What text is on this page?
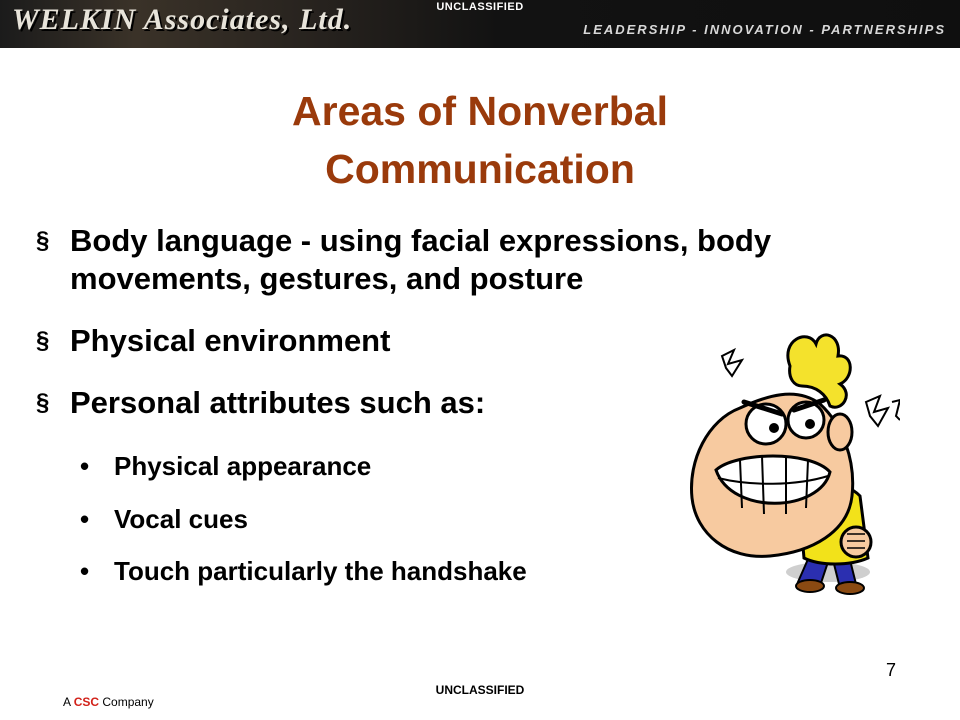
WELKIN Associates, Ltd.	UNCLASSIFIED
LEADERSHIP - INNOVATION - PARTNERSHIPS
Areas of Nonverbal
Communication
§ Body language - using facial expressions, body movements, gestures, and posture
§ Physical environment
§ Personal attributes such as:
• Physical appearance
• Vocal cues
• Touch particularly the handshake
7
UNCLASSIFIED
A CSC Company
